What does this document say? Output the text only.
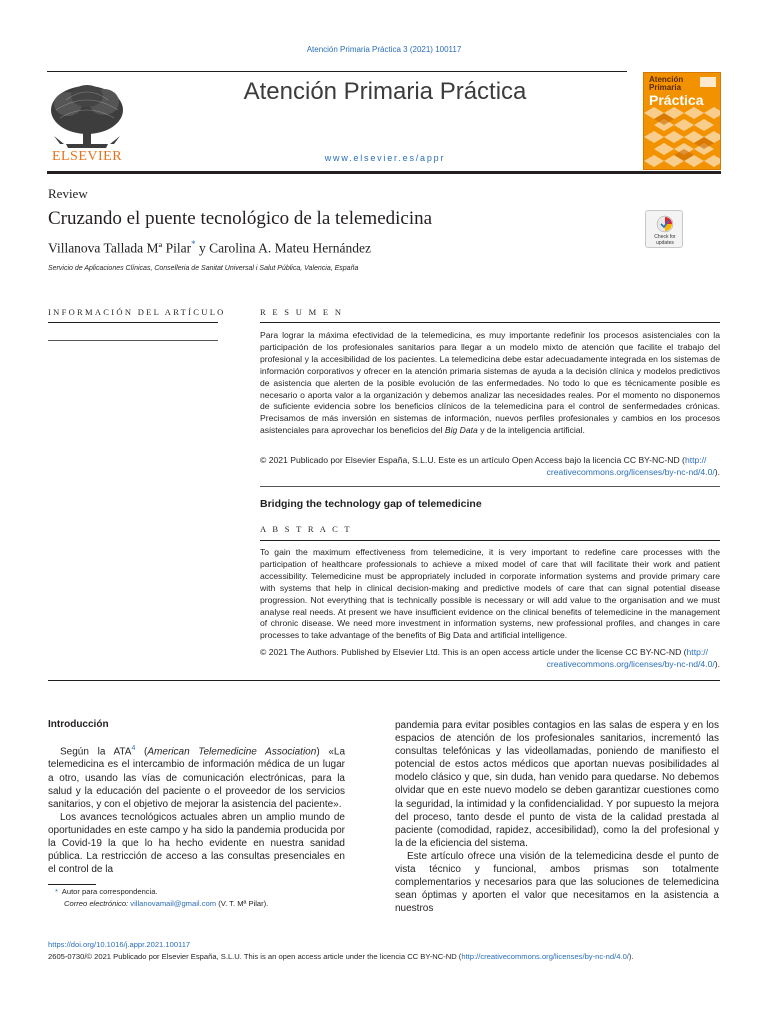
Atención Primaria Práctica 3 (2021) 100117
ELSEVIER
Atención Primaria Práctica
www.elsevier.es/appr
Atención
Primaria
Práctica
Review
Cruzando el puente tecnológico de la telemedicina
Villanova Tallada Mª Pilar* y Carolina A. Mateu Hernández
Servicio de Aplicaciones Clínicas, Conselleria de Sanitat Universal i Salut Pública, Valencia, España
Check for
updates
INFORMACIÓN DEL ARTÍCULO	R E S U M E N
Para lograr la máxima efectividad de la telemedicina, es muy importante redefinir los procesos asistenciales con la participación de los profesionales sanitarios para llegar a un modelo mixto de atención que facilite el trabajo del profesional y la accesibilidad de los pacientes. La telemedicina debe estar adecuadamente integrada en los sistemas de información corporativos y ofrecer en la atención primaria sistemas de ayuda a la decisión clínica y modelos predictivos de asistencia que alerten de la posible evolución de las enfermedades. No todo lo que es técnicamente posible es necesario o aporta valor a la organización y debemos analizar las necesidades reales. Por el momento no disponemos de suficiente evidencia sobre los beneficios clínicos de la telemedicina para el control de senfermedades crónicas. Precisamos de más inversión en sistemas de información, nuevos perfiles profesionales y cambios en los procesos asistenciales para aprovechar los beneficios del Big Data y de la inteligencia artificial.
© 2021 Publicado por Elsevier España, S.L.U. Este es un artículo Open Access bajo la licencia CC BY-NC-ND (http://
creativecommons.org/licenses/by-nc-nd/4.0/).
Bridging the technology gap of telemedicine
A B S T R A C T
To gain the maximum effectiveness from telemedicine, it is very important to redefine care processes with the participation of healthcare professionals to achieve a mixed model of care that will facilitate their work and patient accessibility. Telemedicine must be appropriately included in corporate information systems and provide primary care with systems that help in clinical decision-making and predictive models of care that can signal potential disease progression. Not everything that is technically possible is necessary or will add value to the organisation and we must analyse real needs. At present we have insufficient evidence on the clinical benefits of telemedicine in the management of chronic disease. We need more investment in information systems, new professional profiles, and changes in care processes to take advantage of the benefits of Big Data and artificial intelligence.
© 2021 The Authors. Published by Elsevier Ltd. This is an open access article under the license CC BY-NC-ND (http://
creativecommons.org/licenses/by-nc-nd/4.0/).
Introducción

Según la ATA$^4$ (American Telemedicine Association) «La telemedicina es el intercambio de información médica de un lugar a otro, usando las vías de comunicación electrónicas, para la salud y la educación del paciente o el proveedor de los servicios sanitarios, y con el objetivo de mejorar la asistencia del paciente».

Los avances tecnológicos actuales abren un amplio mundo de oportunidades en este campo y ha sido la pandemia producida por la Covid-19 la que lo ha hecho evidente en nuestra sanidad pública. La restricción de acceso a las consultas presenciales en el control de la

pandemia para evitar posibles contagios en las salas de espera y en los espacios de atención de los profesionales sanitarios, incrementó las consultas telefónicas y las videollamadas, poniendo de manifiesto el potencial de estos actos médicos que aportan nuevas posibilidades al modelo clásico y que, sin duda, han venido para quedarse. No debemos olvidar que en este nuevo modelo se deben garantizar cuestiones como la seguridad, la intimidad y la confidencialidad. Y por supuesto la mejora del proceso, tanto desde el punto de vista de la calidad prestada al paciente (comodidad, rapidez, accesibilidad), como la del profesional y la de la eficiencia del sistema.

Este artículo ofrece una visión de la telemedicina desde el punto de vista técnico y funcional, ambos prismas son totalmente complementarios y necesarios para que las soluciones de telemedicina sean óptimas y aporten el valor que necesitamos en la asistencia a nuestros

* Autor para correspondencia.
Correo electrónico: villanovamail@gmail.com (V. T. Mª Pilar).
https://doi.org/10.1016/j.appr.2021.100117
2605-0730/© 2021 Publicado por Elsevier España, S.L.U. This is an open access article under the licencia CC BY-NC-ND (http://creativecommons.org/licenses/by-nc-nd/4.0/).
